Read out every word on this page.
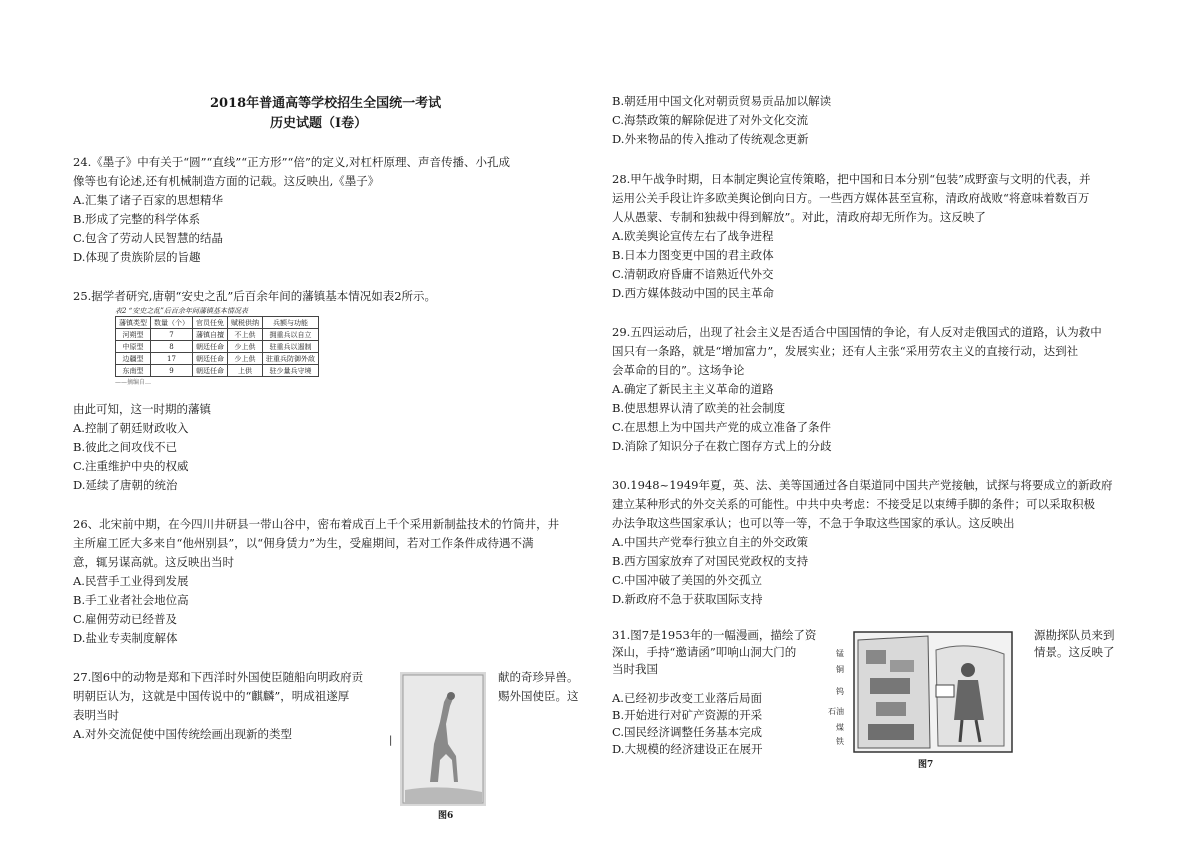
2018年普通高等学校招生全国统一考试
历史试题（Ⅰ卷）
24.《墨子》中有关于“圆”“直线”“正方形”“倍”的定义,对杠杆原理、声音传播、小孔成
像等也有论述,还有机械制造方面的记载。这反映出,《墨子》
A.汇集了诸子百家的思想精华
B.形成了完整的科学体系
C.包含了劳动人民智慧的结晶
D.体现了贵族阶层的旨趣
25.据学者研究,唐朝“安史之乱”后百余年间的藩镇基本情况如表2所示。
表2 “安史之乱”后百余年间藩镇基本情况表
藩镇类型	数量（个）	官员任免	赋税供纳	兵额与功能
河朔型	7	藩镇自擅	不上供	拥重兵以自立
中原型	8	朝廷任命	少上供	驻重兵以遏制
边疆型	17	朝廷任命	少上供	驻重兵防御外敌
东南型	9	朝廷任命	上供	驻少量兵守境
——摘编自…
由此可知，这一时期的藩镇
A.控制了朝廷财政收入
B.彼此之间攻伐不已
C.注重维护中央的权威
D.延续了唐朝的统治
26、北宋前中期，在今四川井研县一带山谷中，密布着成百上千个采用新制盐技术的竹筒井，井
主所雇工匠大多来自“他州别县”，以“佣身赁力”为生，受雇期间，若对工作条件成待遇不满
意，辄另谋高就。这反映出当时
A.民营手工业得到发展
B.手工业者社会地位高
C.雇佣劳动已经普及
D.盐业专卖制度解体
27.图6中的动物是郑和下西洋时外国使臣随船向明政府贡
明朝臣认为，这就是中国传说中的“麒麟”，明成祖遂厚
表明当时
献的奇珍异兽。
赐外国使臣。这
A.对外交流促使中国传统绘画出现新的类型	|
图6
B.朝廷用中国文化对朝贡贸易贡品加以解读
C.海禁政策的解除促进了对外文化交流
D.外来物品的传入推动了传统观念更新
28.甲午战争时期，日本制定舆论宣传策略，把中国和日本分别“包装”成野蛮与文明的代表，并
运用公关手段让许多欧美舆论倒向日方。一些西方媒体甚至宣称，清政府战败“将意味着数百万
人从愚蒙、专制和独裁中得到解放”。对此，清政府却无所作为。这反映了
A.欧美舆论宣传左右了战争进程
B.日本力图变更中国的君主政体
C.清朝政府昏庸不谙熟近代外交
D.西方媒体鼓动中国的民主革命
29.五四运动后，出现了社会主义是否适合中国国情的争论，有人反对走俄国式的道路，认为救中
国只有一条路，就是“增加富力”，发展实业；还有人主张“采用劳农主义的直接行动，达到社
会革命的目的”。这场争论
A.确定了新民主主义革命的道路
B.使思想界认清了欧美的社会制度
C.在思想上为中国共产党的成立准备了条件
D.消除了知识分子在救亡图存方式上的分歧
30.1948~1949年夏，英、法、美等国通过各自渠道同中国共产党接触，试探与将要成立的新政府
建立某种形式的外交关系的可能性。中共中央考虑：不接受足以束缚手脚的条件；可以采取积极
办法争取这些国家承认；也可以等一等，不急于争取这些国家的承认。这反映出
A.中国共产党奉行独立自主的外交政策
B.西方国家放弃了对国民党政权的支持
C.中国冲破了美国的外交孤立
D.新政府不急于获取国际支持
31.图7是1953年的一幅漫画，描绘了资
深山，手持“邀请函”叩响山洞大门的
当时我国
源勘探队员来到
情景。这反映了
A.已经初步改变工业落后局面
B.开始进行对矿产资源的开采
C.国民经济调整任务基本完成
D.大规模的经济建设正在展开
锰
铜
钨
石油
煤
铁
图7
